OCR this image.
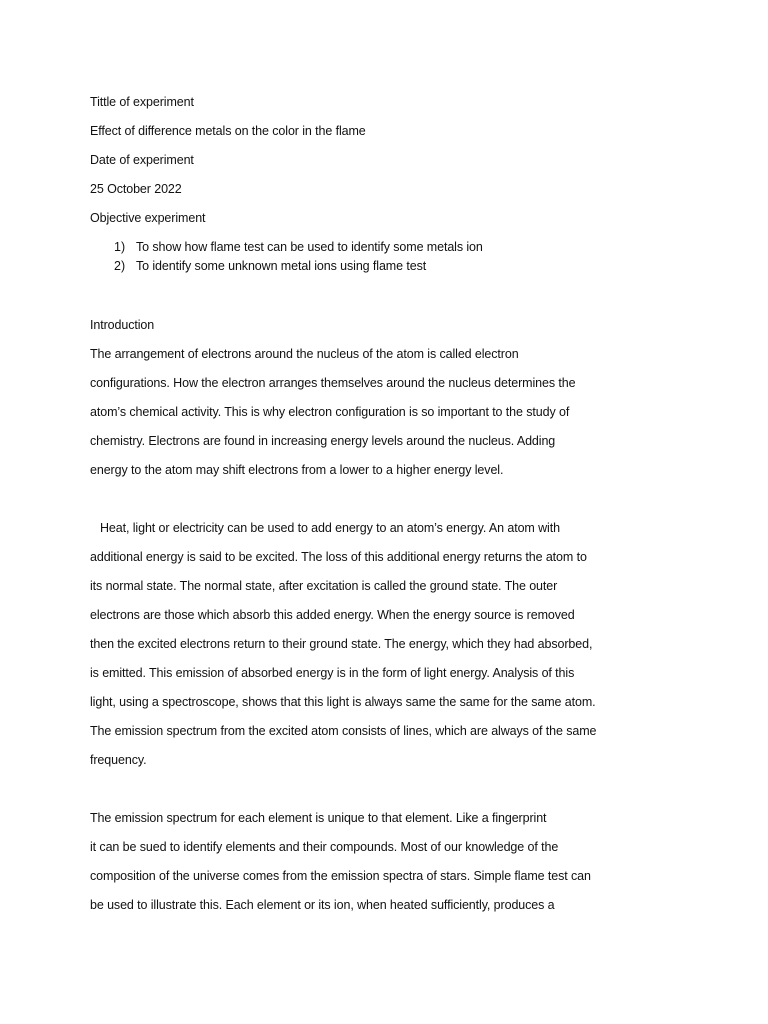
Tittle of experiment
Effect of difference metals on the color in the flame
Date of experiment
25 October 2022
Objective experiment
1) To show how flame test can be used to identify some metals ion
2) To identify some unknown metal ions using flame test
Introduction
The arrangement of electrons around the nucleus of the atom is called electron
configurations. How the electron arranges themselves around the nucleus determines the
atom’s chemical activity. This is why electron configuration is so important to the study of
chemistry. Electrons are found in increasing energy levels around the nucleus. Adding
energy to the atom may shift electrons from a lower to a higher energy level.
Heat, light or electricity can be used to add energy to an atom’s energy. An atom with
additional energy is said to be excited. The loss of this additional energy returns the atom to
its normal state. The normal state, after excitation is called the ground state. The outer
electrons are those which absorb this added energy. When the energy source is removed
then the excited electrons return to their ground state. The energy, which they had absorbed,
is emitted. This emission of absorbed energy is in the form of light energy. Analysis of this
light, using a spectroscope, shows that this light is always same the same for the same atom.
The emission spectrum from the excited atom consists of lines, which are always of the same
frequency.
The emission spectrum for each element is unique to that element. Like a fingerprint
it can be sued to identify elements and their compounds. Most of our knowledge of the
composition of the universe comes from the emission spectra of stars. Simple flame test can
be used to illustrate this. Each element or its ion, when heated sufficiently, produces a
